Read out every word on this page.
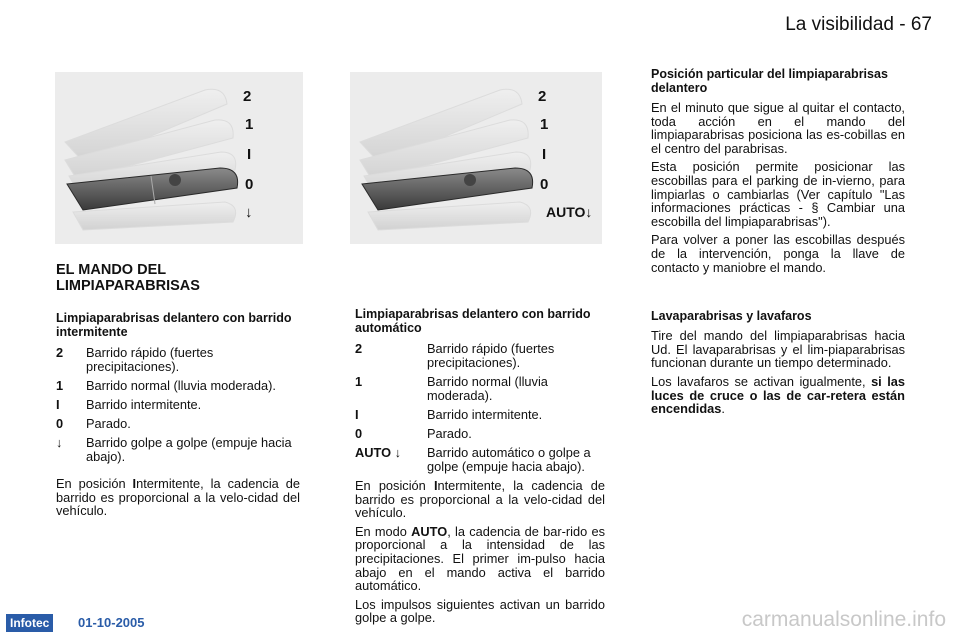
La visibilidad - 67
2
1
I
0
↓
2
1
I
0
AUTO↓
EL MANDO DEL
LIMPIAPARABRISAS
Limpiaparabrisas delantero con barrido intermitente
2	Barrido rápido (fuertes precipitaciones).
1	Barrido normal (lluvia moderada).
I	Barrido intermitente.
0	Parado.
↓	Barrido golpe a golpe (empuje hacia abajo).
En posición Intermitente, la cadencia de barrido es proporcional a la velo-cidad del vehículo.
Limpiaparabrisas delantero con barrido automático
2	Barrido rápido (fuertes precipitaciones).
1	Barrido normal (lluvia moderada).
I	Barrido intermitente.
0	Parado.
AUTO ↓	Barrido automático o golpe a golpe (empuje hacia abajo).
En posición Intermitente, la cadencia de barrido es proporcional a la velo-cidad del vehículo.
En modo AUTO, la cadencia de bar-rido es proporcional a la intensidad de las precipitaciones. El primer im-pulso hacia abajo en el mando activa el barrido automático.
Los impulsos siguientes activan un barrido golpe a golpe.
Posición particular del limpiaparabrisas delantero
En el minuto que sigue al quitar el contacto, toda acción en el mando del limpiaparabrisas posiciona las es-cobillas en el centro del parabrisas.
Esta posición permite posicionar las escobillas para el parking de in-vierno, para limpiarlas o cambiarlas (Ver capítulo "Las informaciones prácticas - § Cambiar una escobilla del limpiaparabrisas").
Para volver a poner las escobillas después de la intervención, ponga la llave de contacto y maniobre el mando.
Lavaparabrisas y lavafaros
Tire del mando del limpiaparabrisas hacia Ud. El lavaparabrisas y el lim-piaparabrisas funcionan durante un tiempo determinado.
Los lavafaros se activan igualmente, si las luces de cruce o las de car-retera están encendidas.
Infotec	01-10-2005	carmanualsonline.info
